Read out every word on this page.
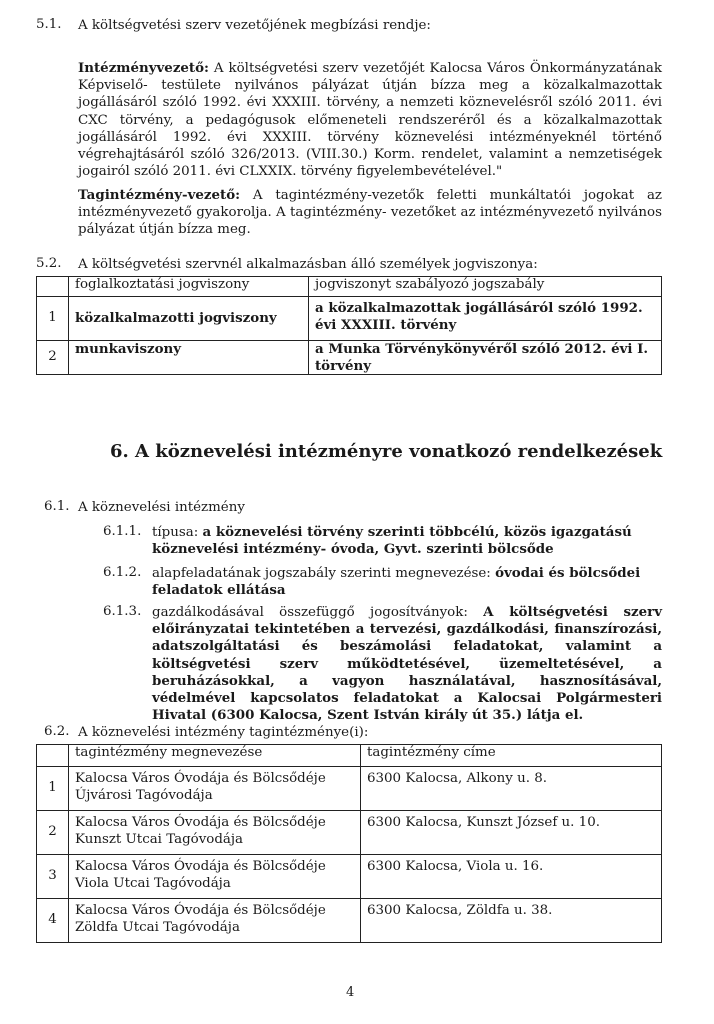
5.1. A költségvetési szerv vezetőjének megbízási rendje:
Intézményvezető: A költségvetési szerv vezetőjét Kalocsa Város Önkormányzatának Képviselő- testülete nyilvános pályázat útján bízza meg a közalkalmazottak jogállásáról szóló 1992. évi XXXIII. törvény, a nemzeti köznevelésről szóló 2011. évi CXC törvény, a pedagógusok előmeneteli rendszeréről és a közalkalmazottak jogállásáról 1992. évi XXXIII. törvény köznevelési intézményeknél történő végrehajtásáról szóló 326/2013. (VIII.30.) Korm. rendelet, valamint a nemzetiségek jogairól szóló 2011. évi CLXXIX. törvény figyelembevételével."
Tagintézmény-vezető: A tagintézmény-vezetők feletti munkáltatói jogokat az intézményvezető gyakorolja. A tagintézmény- vezetőket az intézményvezető nyilvános pályázat útján bízza meg.
5.2. A költségvetési szervnél alkalmazásban álló személyek jogviszonya:
	foglalkoztatási jogviszony	jogviszonyt szabályozó jogszabály
1	közalkalmazotti jogviszony	a közalkalmazottak jogállásáról szóló 1992. évi XXXIII. törvény
2	munkaviszony	a Munka Törvénykönyvéről szóló 2012. évi I. törvény
6. A köznevelési intézményre vonatkozó rendelkezések
6.1. A köznevelési intézmény
6.1.1. típusa: a köznevelési törvény szerinti többcélú, közös igazgatású köznevelési intézmény- óvoda, Gyvt. szerinti bölcsőde
6.1.2. alapfeladatának jogszabály szerinti megnevezése: óvodai és bölcsődei feladatok ellátása
6.1.3. gazdálkodásával összefüggő jogosítványok: A költségvetési szerv előirányzatai tekintetében a tervezési, gazdálkodási, finanszírozási, adatszolgáltatási és beszámolási feladatokat, valamint a költségvetési szerv működtetésével, üzemeltetésével, a beruházásokkal, a vagyon használatával, hasznosításával, védelmével kapcsolatos feladatokat a Kalocsai Polgármesteri Hivatal (6300 Kalocsa, Szent István király út 35.) látja el.
6.2. A köznevelési intézmény tagintézménye(i):
	tagintézmény megnevezése	tagintézmény címe
1	Kalocsa Város Óvodája és Bölcsődéje Újvárosi Tagóvodája	6300 Kalocsa, Alkony u. 8.
2	Kalocsa Város Óvodája és Bölcsődéje Kunszt Utcai Tagóvodája	6300 Kalocsa, Kunszt József u. 10.
3	Kalocsa Város Óvodája és Bölcsődéje Viola Utcai Tagóvodája	6300 Kalocsa, Viola u. 16.
4	Kalocsa Város Óvodája és Bölcsődéje Zöldfa Utcai Tagóvodája	6300 Kalocsa, Zöldfa u. 38.
4
